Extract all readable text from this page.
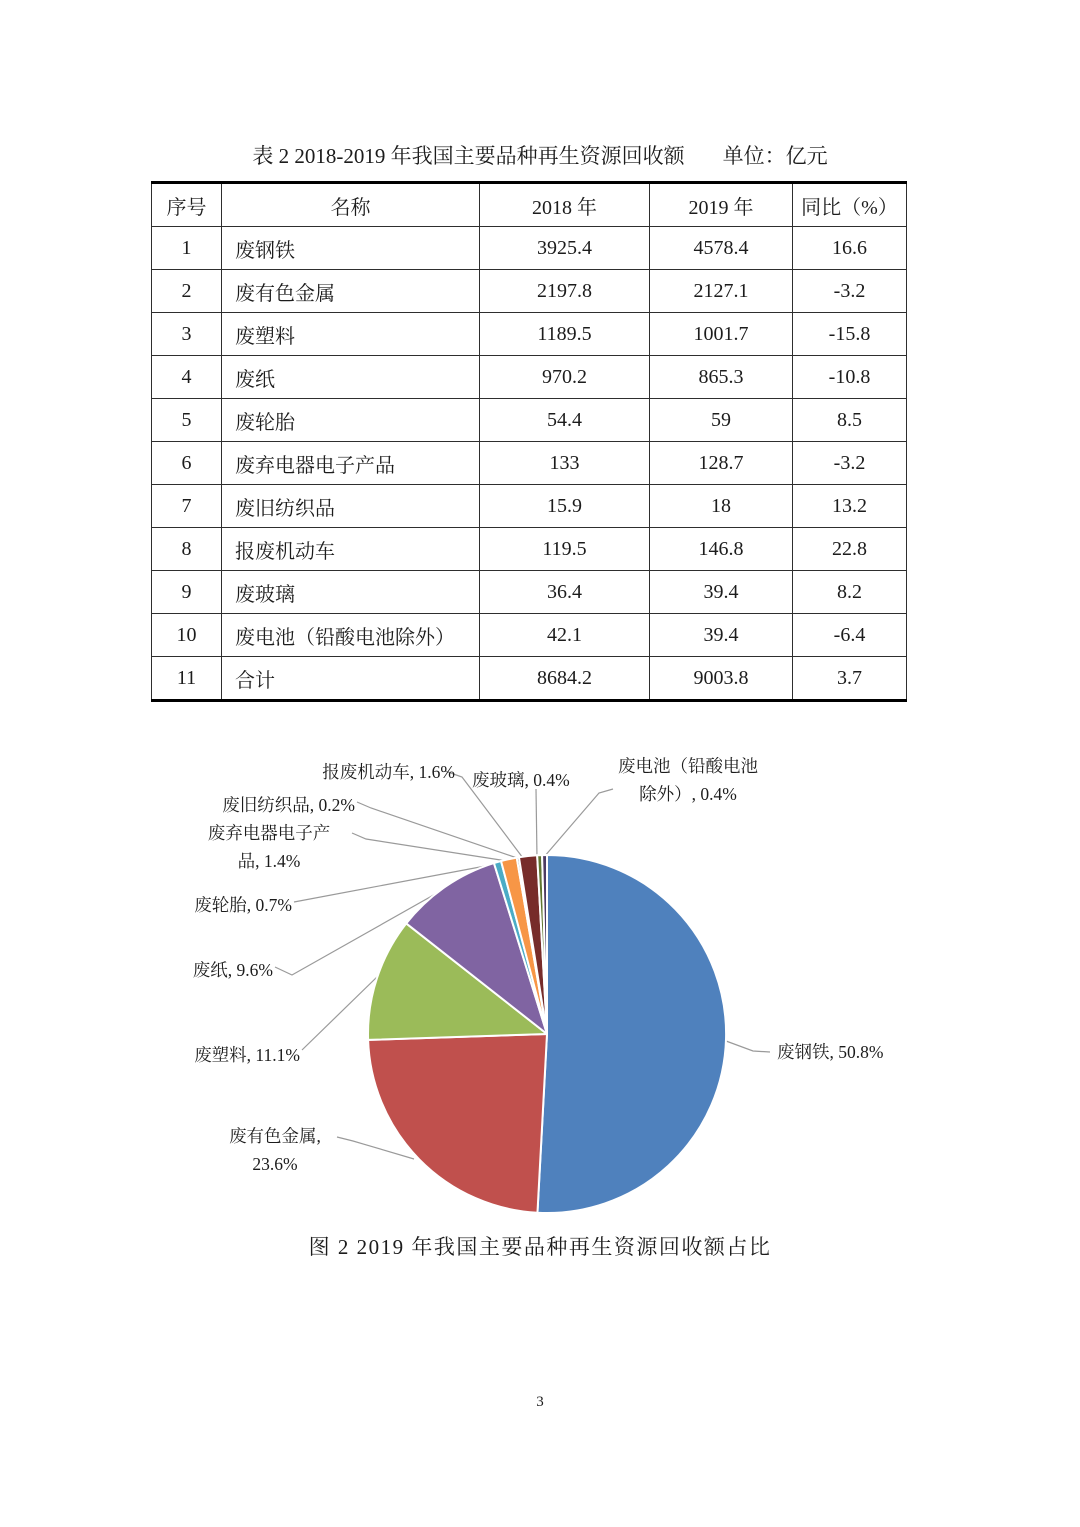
表 2 2018-2019 年我国主要品种再生资源回收额 单位：亿元
序号	名称	2018 年	2019 年	同比（%）
1	废钢铁	3925.4	4578.4	16.6
2	废有色金属	2197.8	2127.1	-3.2
3	废塑料	1189.5	1001.7	-15.8
4	废纸	970.2	865.3	-10.8
5	废轮胎	54.4	59	8.5
6	废弃电器电子产品	133	128.7	-3.2
7	废旧纺织品	15.9	18	13.2
8	报废机动车	119.5	146.8	22.8
9	废玻璃	36.4	39.4	8.2
10	废电池（铅酸电池除外）	42.1	39.4	-6.4
11	合计	8684.2	9003.8	3.7
报废机动车, 1.6% 废玻璃, 0.4%
废电池（铅酸电池
除外）, 0.4%
废旧纺织品, 0.2%
废弃电器电子产
品, 1.4%
废轮胎, 0.7%
废纸, 9.6%
废塑料, 11.1%
废有色金属,
23.6%
废钢铁, 50.8%
图 2 2019 年我国主要品种再生资源回收额占比
3
